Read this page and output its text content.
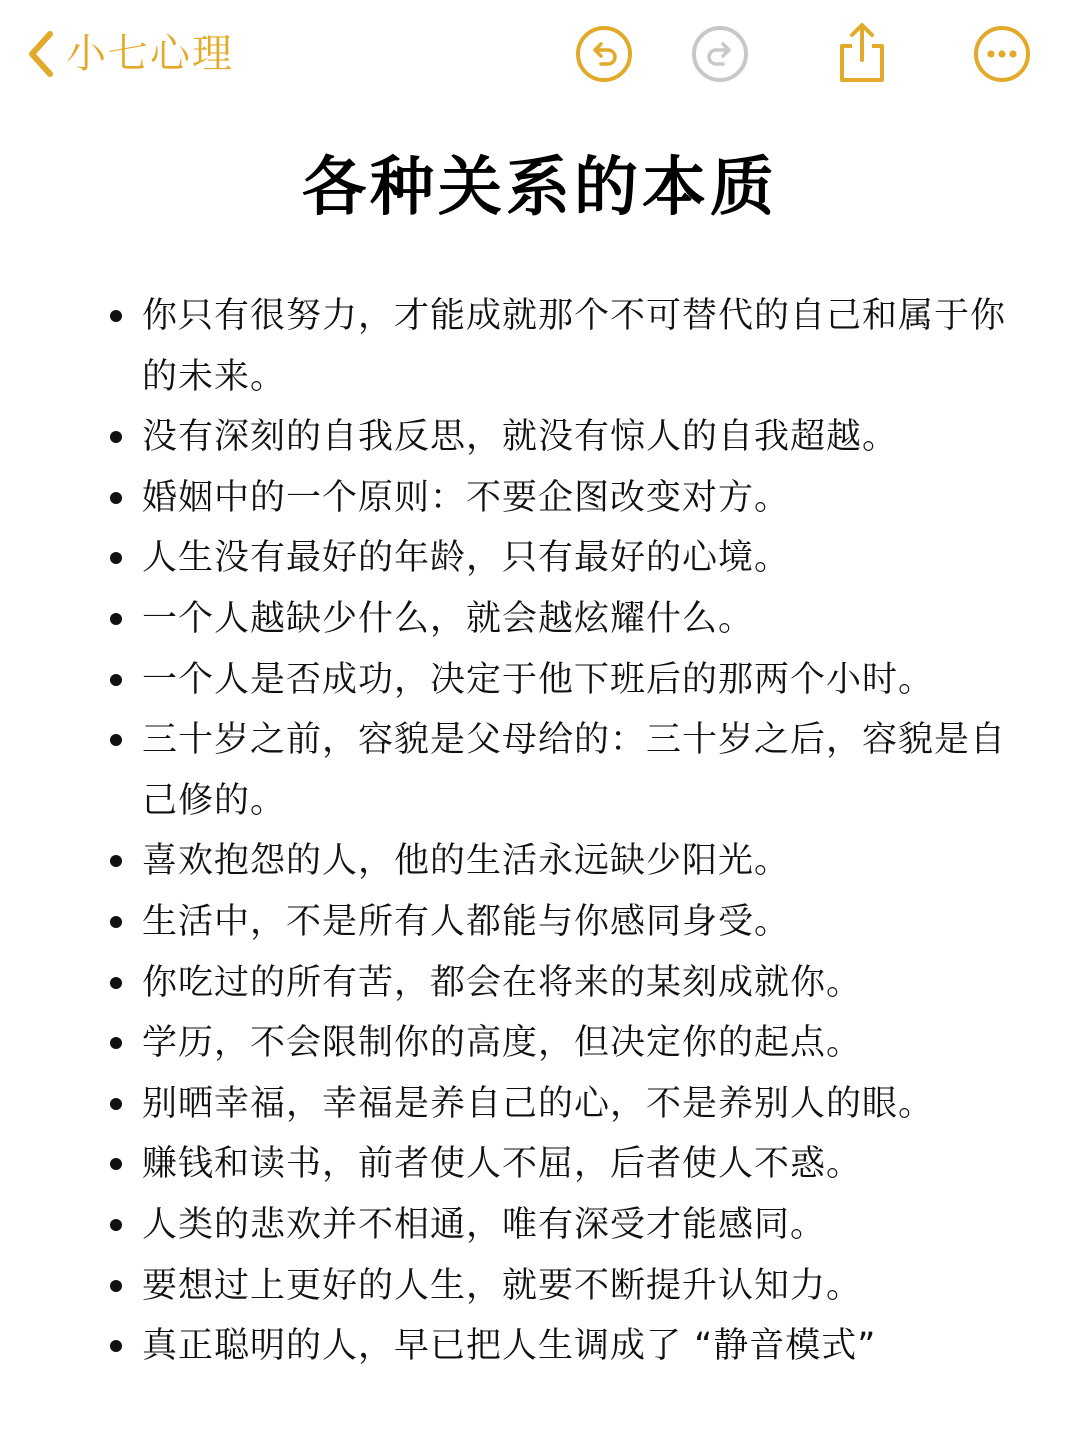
小七心理
各种关系的本质
你只有很努力，才能成就那个不可替代的自己和属于你的未来。
没有深刻的自我反思，就没有惊人的自我超越。
婚姻中的一个原则：不要企图改变对方。
人生没有最好的年龄，只有最好的心境。
一个人越缺少什么，就会越炫耀什么。
一个人是否成功，决定于他下班后的那两个小时。
三十岁之前，容貌是父母给的：三十岁之后，容貌是自己修的。
喜欢抱怨的人，他的生活永远缺少阳光。
生活中，不是所有人都能与你感同身受。
你吃过的所有苦，都会在将来的某刻成就你。
学历，不会限制你的高度，但决定你的起点。
别晒幸福，幸福是养自己的心，不是养别人的眼。
赚钱和读书，前者使人不屈，后者使人不惑。
人类的悲欢并不相通，唯有深受才能感同。
要想过上更好的人生，就要不断提升认知力。
真正聪明的人，早已把人生调成了 “静音模式”
